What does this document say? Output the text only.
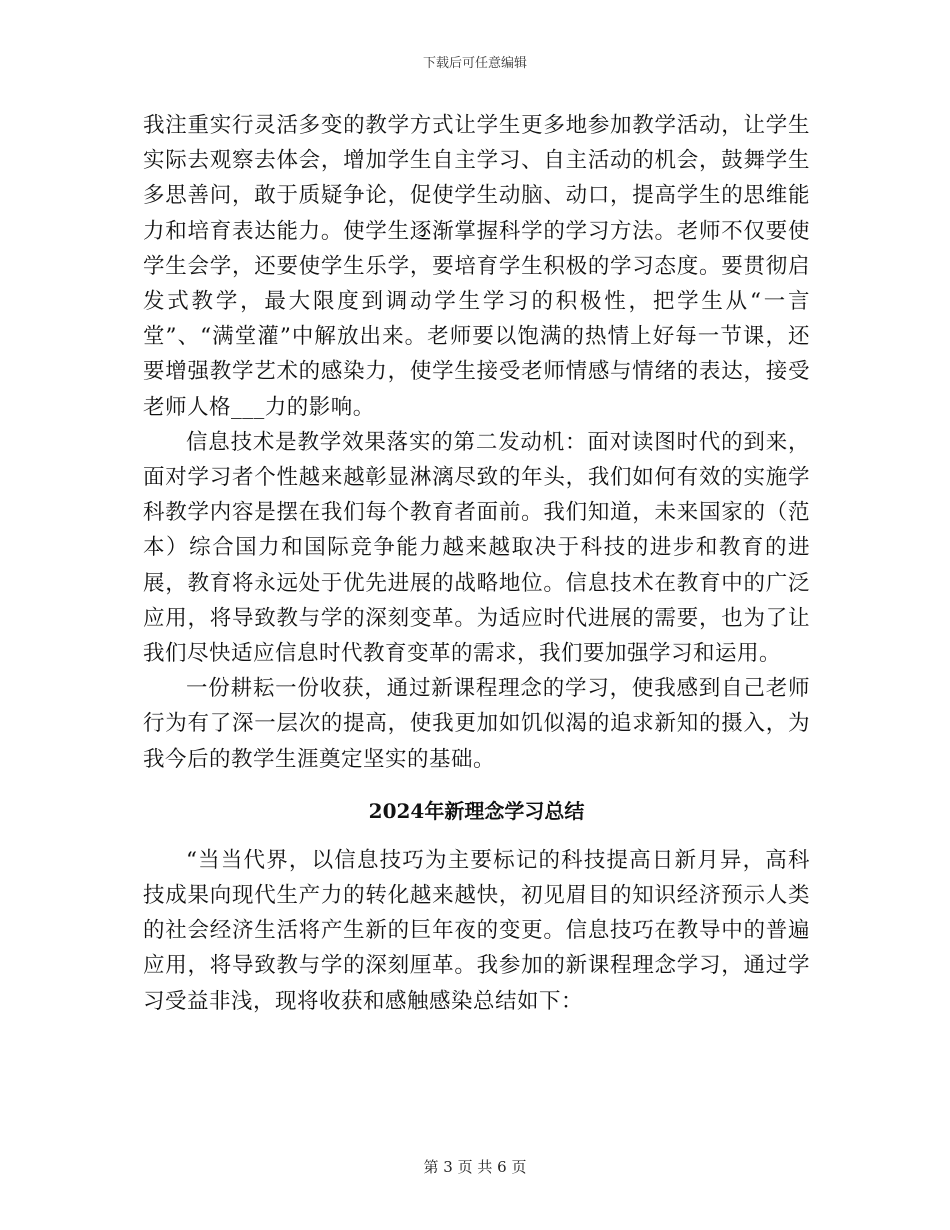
下载后可任意编辑

我注重实行灵活多变的教学方式让学生更多地参加教学活动，让学生实际去观察去体会，增加学生自主学习、自主活动的机会，鼓舞学生多思善问，敢于质疑争论，促使学生动脑、动口，提高学生的思维能力和培育表达能力。使学生逐渐掌握科学的学习方法。老师不仅要使学生会学，还要使学生乐学，要培育学生积极的学习态度。要贯彻启发式教学，最大限度到调动学生学习的积极性，把学生从“一言堂”、“满堂灌”中解放出来。老师要以饱满的热情上好每一节课，还要增强教学艺术的感染力，使学生接受老师情感与情绪的表达，接受老师人格___力的影响。

信息技术是教学效果落实的第二发动机：面对读图时代的到来，面对学习者个性越来越彰显淋漓尽致的年头，我们如何有效的实施学科教学内容是摆在我们每个教育者面前。我们知道，未来国家的（范本）综合国力和国际竞争能力越来越取决于科技的进步和教育的进展，教育将永远处于优先进展的战略地位。信息技术在教育中的广泛应用，将导致教与学的深刻变革。为适应时代进展的需要，也为了让我们尽快适应信息时代教育变革的需求，我们要加强学习和运用。

一份耕耘一份收获，通过新课程理念的学习，使我感到自己老师行为有了深一层次的提高，使我更加如饥似渴的追求新知的摄入，为我今后的教学生涯奠定坚实的基础。

2024年新理念学习总结

“当当代界，以信息技巧为主要标记的科技提高日新月异，高科技成果向现代生产力的转化越来越快，初见眉目的知识经济预示人类的社会经济生活将产生新的巨年夜的变更。信息技巧在教导中的普遍应用，将导致教与学的深刻厘革。我参加的新课程理念学习，通过学习受益非浅，现将收获和感触感染总结如下：

第 3 页 共 6 页
